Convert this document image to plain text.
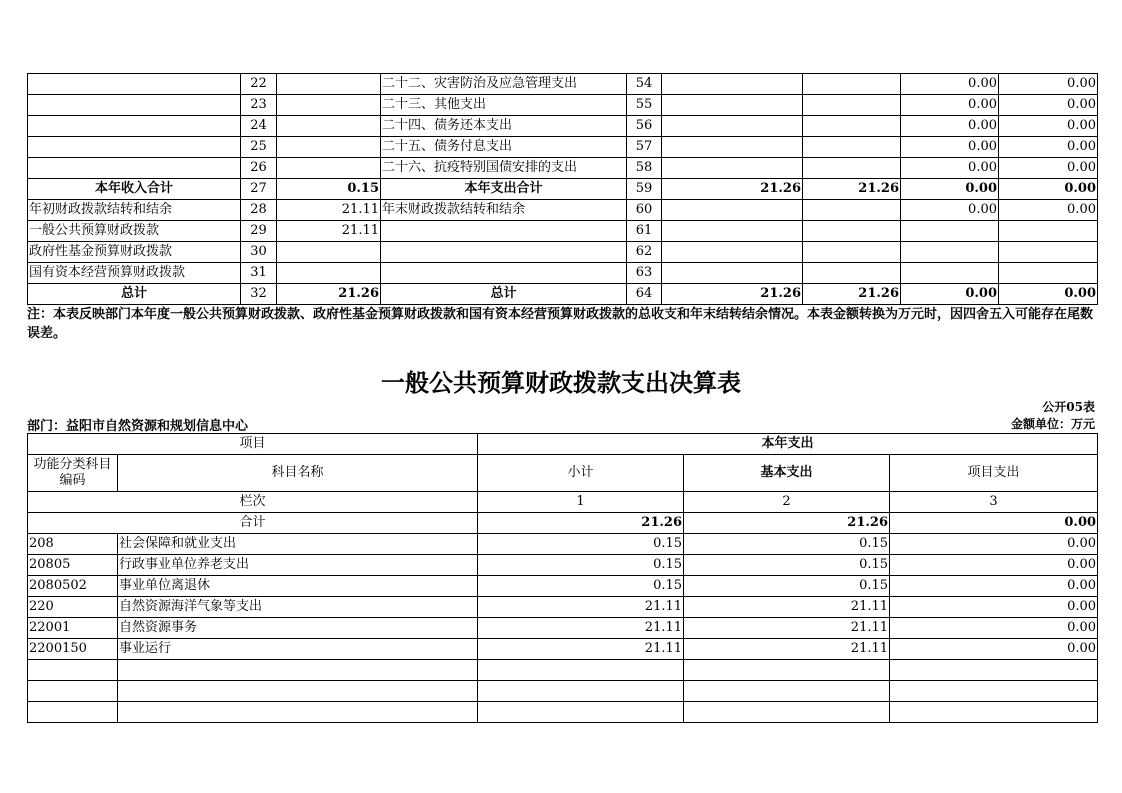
	22		二十二、灾害防治及应急管理支出	54			0.00	0.00
	23		二十三、其他支出	55			0.00	0.00
	24		二十四、债务还本支出	56			0.00	0.00
	25		二十五、债务付息支出	57			0.00	0.00
	26		二十六、抗疫特别国债安排的支出	58			0.00	0.00
本年收入合计	27	0.15	本年支出合计	59	21.26	21.26	0.00	0.00
年初财政拨款结转和结余	28	21.11	年末财政拨款结转和结余	60			0.00	0.00
一般公共预算财政拨款	29	21.11		61				
政府性基金预算财政拨款	30			62				
国有资本经营预算财政拨款	31			63				
总计	32	21.26	总计	64	21.26	21.26	0.00	0.00
注：本表反映部门本年度一般公共预算财政拨款、政府性基金预算财政拨款和国有资本经营预算财政拨款的总收支和年末结转结余情况。本表金额转换为万元时，因四舍五入可能存在尾数误差。
一般公共预算财政拨款支出决算表
公开05表
部门：益阳市自然资源和规划信息中心	金额单位：万元
项目		本年支出		
功能分类科目编码	科目名称	小计	基本支出	项目支出
栏次		1	2	3
合计		21.26	21.26	0.00
208	社会保障和就业支出	0.15	0.15	0.00
20805	行政事业单位养老支出	0.15	0.15	0.00
2080502	事业单位离退休	0.15	0.15	0.00
220	自然资源海洋气象等支出	21.11	21.11	0.00
22001	自然资源事务	21.11	21.11	0.00
2200150	事业运行	21.11	21.11	0.00
